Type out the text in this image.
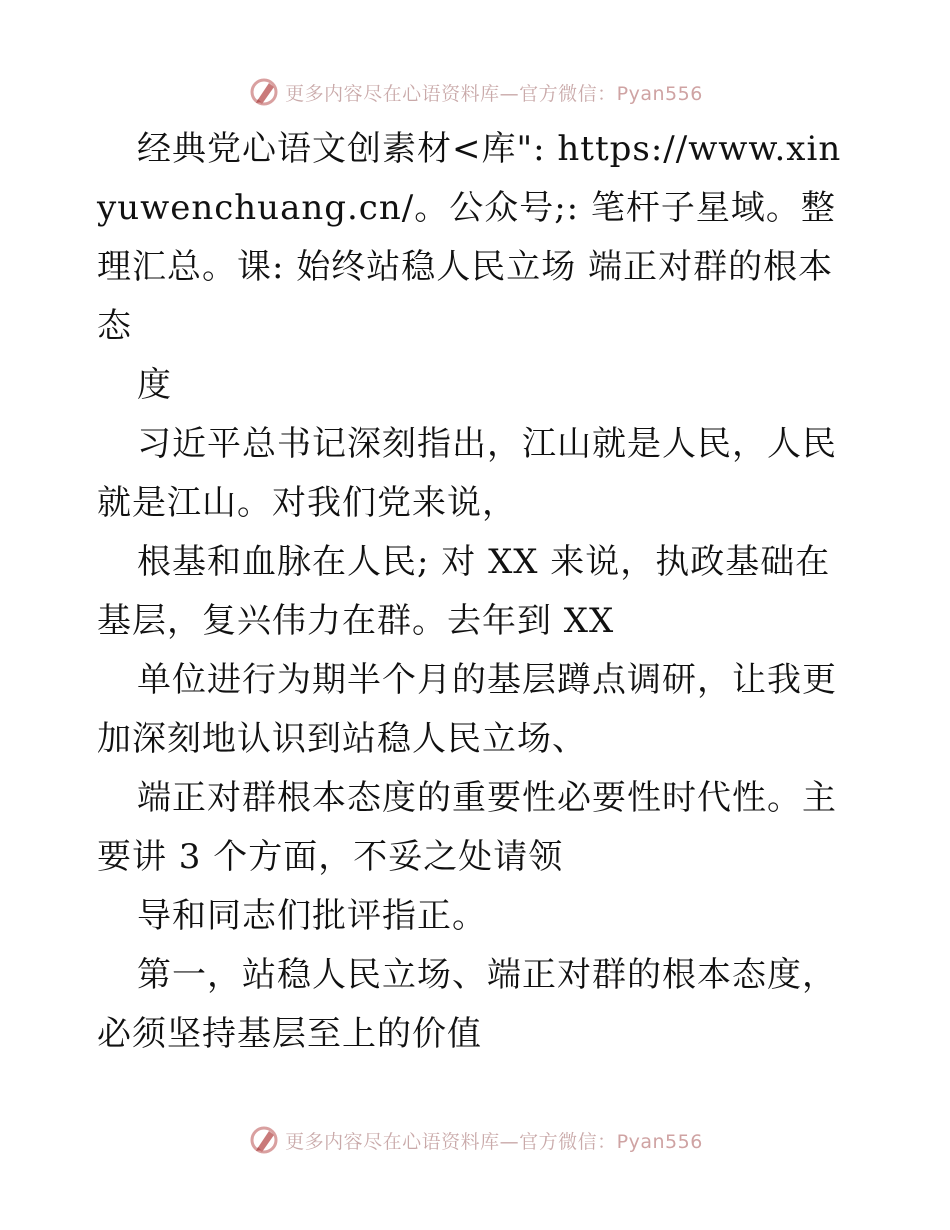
更多内容尽在心语资料库—官方微信：Pyan556

经典党心语文创素材<库": https://www.xinyuwenchuang.cn/。公众号;: 笔杆子星域。整理汇总。课: 始终站稳人民立场 端正对群的根本态

度

习近平总书记深刻指出，江山就是人民，人民就是江山。对我们党来说，

根基和血脉在人民; 对 XX 来说，执政基础在基层，复兴伟力在群。去年到 XX

单位进行为期半个月的基层蹲点调研，让我更加深刻地认识到站稳人民立场、

端正对群根本态度的重要性必要性时代性。主要讲 3 个方面，不妥之处请领

导和同志们批评指正。

第一，站稳人民立场、端正对群的根本态度，必须坚持基层至上的价值

更多内容尽在心语资料库—官方微信：Pyan556
